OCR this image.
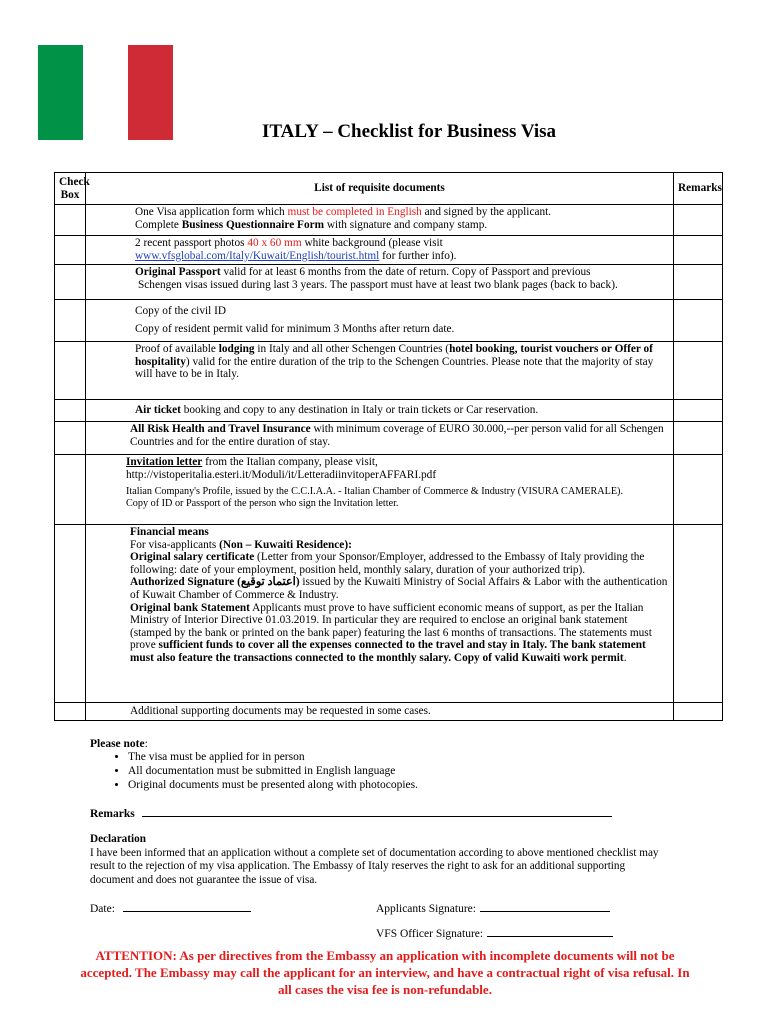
ITALY – Checklist for Business Visa
Check Box	List of requisite documents	Remarks

	One Visa application form which must be completed in English and signed by the applicant.
Complete Business Questionnaire Form with signature and company stamp.	

	2 recent passport photos 40 x 60 mm white background (please visit
www.vfsglobal.com/Italy/Kuwait/English/tourist.html for further info).	

	Original Passport valid for at least 6 months from the date of return. Copy of Passport and previous
Schengen visas issued during last 3 years. The passport must have at least two blank pages (back to back).	

	Copy of the civil ID
Copy of resident permit valid for minimum 3 Months after return date.	

	Proof of available lodging in Italy and all other Schengen Countries (hotel booking, tourist vouchers or Offer of hospitality) valid for the entire duration of the trip to the Schengen Countries. Please note that the majority of stay will have to be in Italy.	
	Air ticket booking and copy to any destination in Italy or train tickets or Car reservation.	
	All Risk Health and Travel Insurance with minimum coverage of EURO 30.000,--per person valid for all Schengen Countries and for the entire duration of stay.	

	Invitation letter from the Italian company, please visit,
http://vistoperitalia.esteri.it/Moduli/it/LetteradiinvitoperAFFARI.pdf
Italian Company's Profile, issued by the C.C.I.A.A. - Italian Chamber of Commerce & Industry (VISURA CAMERALE).
Copy of ID or Passport of the person who sign the Invitation letter.	

	Financial means
For visa-applicants (Non – Kuwaiti Residence):
Original salary certificate (Letter from your Sponsor/Employer, addressed to the Embassy of Italy providing the following: date of your employment, position held, monthly salary, duration of your authorized trip).
Authorized Signature (اعتماد توقيع) issued by the Kuwaiti Ministry of Social Affairs & Labor with the authentication of Kuwait Chamber of Commerce & Industry.
Original bank Statement Applicants must prove to have sufficient economic means of support, as per the Italian Ministry of Interior Directive 01.03.2019. In particular they are required to enclose an original bank statement (stamped by the bank or printed on the bank paper) featuring the last 6 months of transactions. The statements must prove sufficient funds to cover all the expenses connected to the travel and stay in Italy. The bank statement must also feature the transactions connected to the monthly salary. Copy of valid Kuwaiti work permit.	

	Additional supporting documents may be requested in some cases.	
Please note:
• The visa must be applied for in person
• All documentation must be submitted in English language
• Original documents must be presented along with photocopies.
Remarks
Declaration
I have been informed that an application without a complete set of documentation according to above mentioned checklist may result to the rejection of my visa application. The Embassy of Italy reserves the right to ask for an additional supporting document and does not guarantee the issue of visa.
Date:	Applicants Signature:
VFS Officer Signature:
ATTENTION: As per directives from the Embassy an application with incomplete documents will not be accepted. The Embassy may call the applicant for an interview, and have a contractual right of visa refusal. In all cases the visa fee is non-refundable.
